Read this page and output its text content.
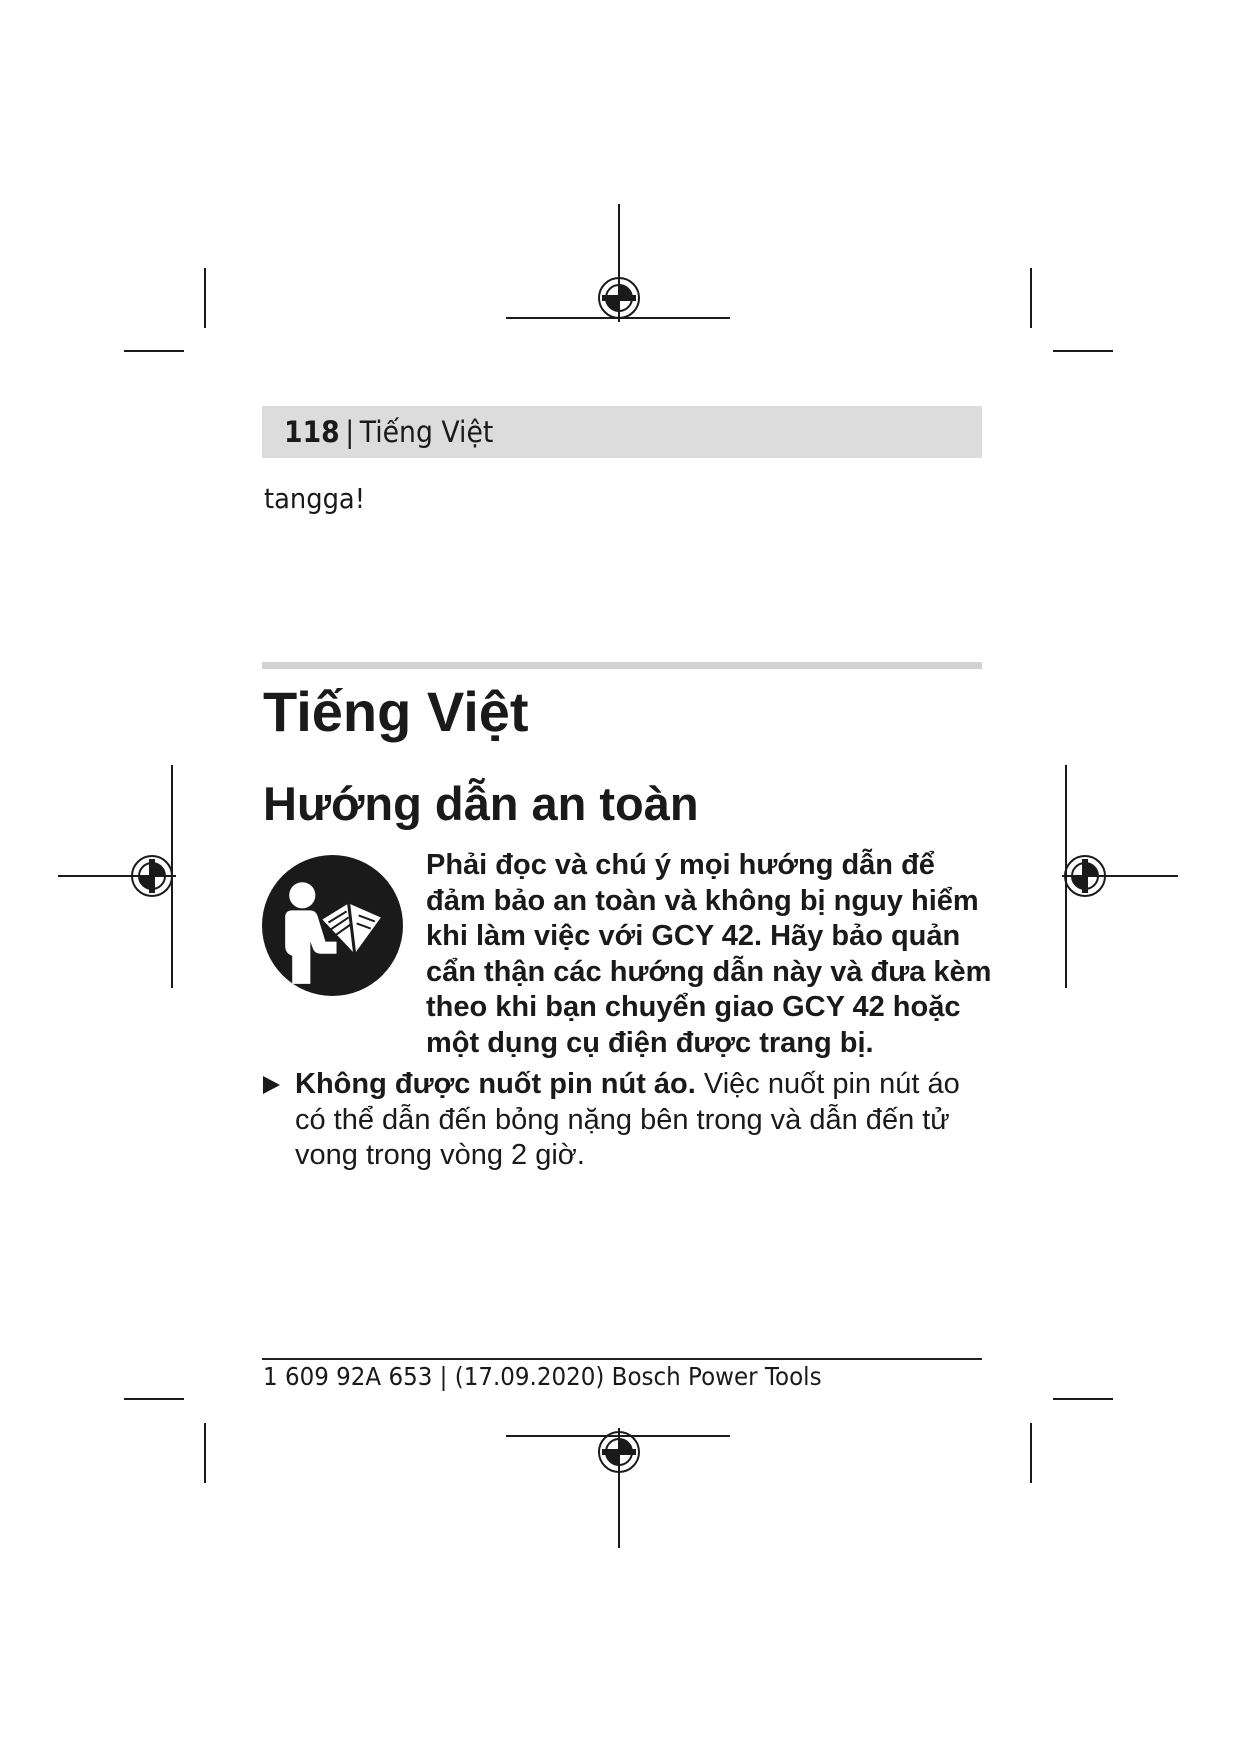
118 | Tiếng Việt
tangga!
Tiếng Việt
Hướng dẫn an toàn
Phải đọc và chú ý mọi hướng dẫn để đảm bảo an toàn và không bị nguy hiểm khi làm việc với GCY 42. Hãy bảo quản cẩn thận các hướng dẫn này và đưa kèm theo khi bạn chuyển giao GCY 42 hoặc một dụng cụ điện được trang bị.
Không được nuốt pin nút áo. Việc nuốt pin nút áo có thể dẫn đến bỏng nặng bên trong và dẫn đến tử vong trong vòng 2 giờ.
1 609 92A 653 | (17.09.2020) Bosch Power Tools
